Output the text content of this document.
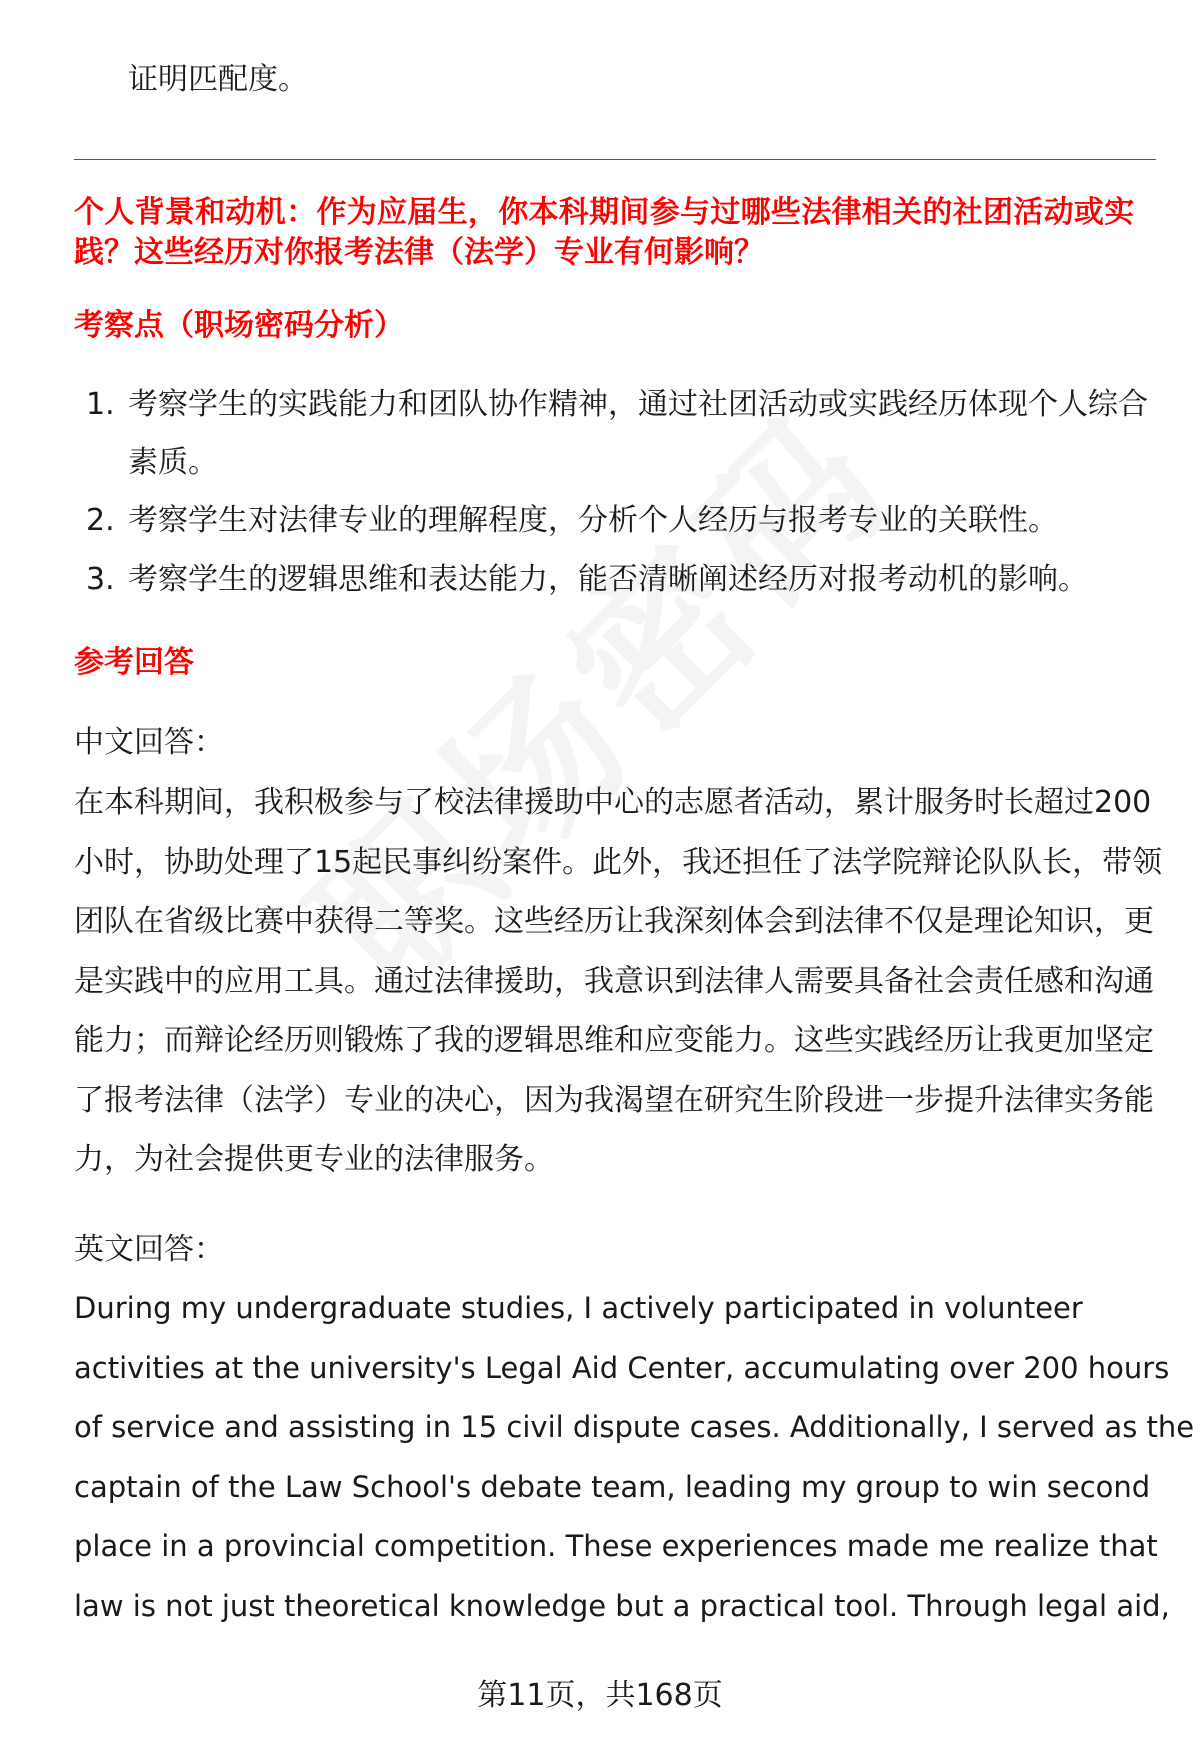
证明匹配度。
个人背景和动机：作为应届生，你本科期间参与过哪些法律相关的社团活动或实
践？这些经历对你报考法律（法学）专业有何影响？
考察点（职场密码分析）
1. 考察学生的实践能力和团队协作精神，通过社团活动或实践经历体现个人综合
素质。
2. 考察学生对法律专业的理解程度，分析个人经历与报考专业的关联性。
3. 考察学生的逻辑思维和表达能力，能否清晰阐述经历对报考动机的影响。
参考回答
中文回答：
在本科期间，我积极参与了校法律援助中心的志愿者活动，累计服务时长超过200
小时，协助处理了15起民事纠纷案件。此外，我还担任了法学院辩论队队长，带领
团队在省级比赛中获得二等奖。这些经历让我深刻体会到法律不仅是理论知识，更
是实践中的应用工具。通过法律援助，我意识到法律人需要具备社会责任感和沟通
能力；而辩论经历则锻炼了我的逻辑思维和应变能力。这些实践经历让我更加坚定
了报考法律（法学）专业的决心，因为我渴望在研究生阶段进一步提升法律实务能
力，为社会提供更专业的法律服务。
英文回答：
During my undergraduate studies, I actively participated in volunteer
activities at the university's Legal Aid Center, accumulating over 200 hours
of service and assisting in 15 civil dispute cases. Additionally, I served as the
captain of the Law School's debate team, leading my group to win second
place in a provincial competition. These experiences made me realize that
law is not just theoretical knowledge but a practical tool. Through legal aid,
第11页，共168页
